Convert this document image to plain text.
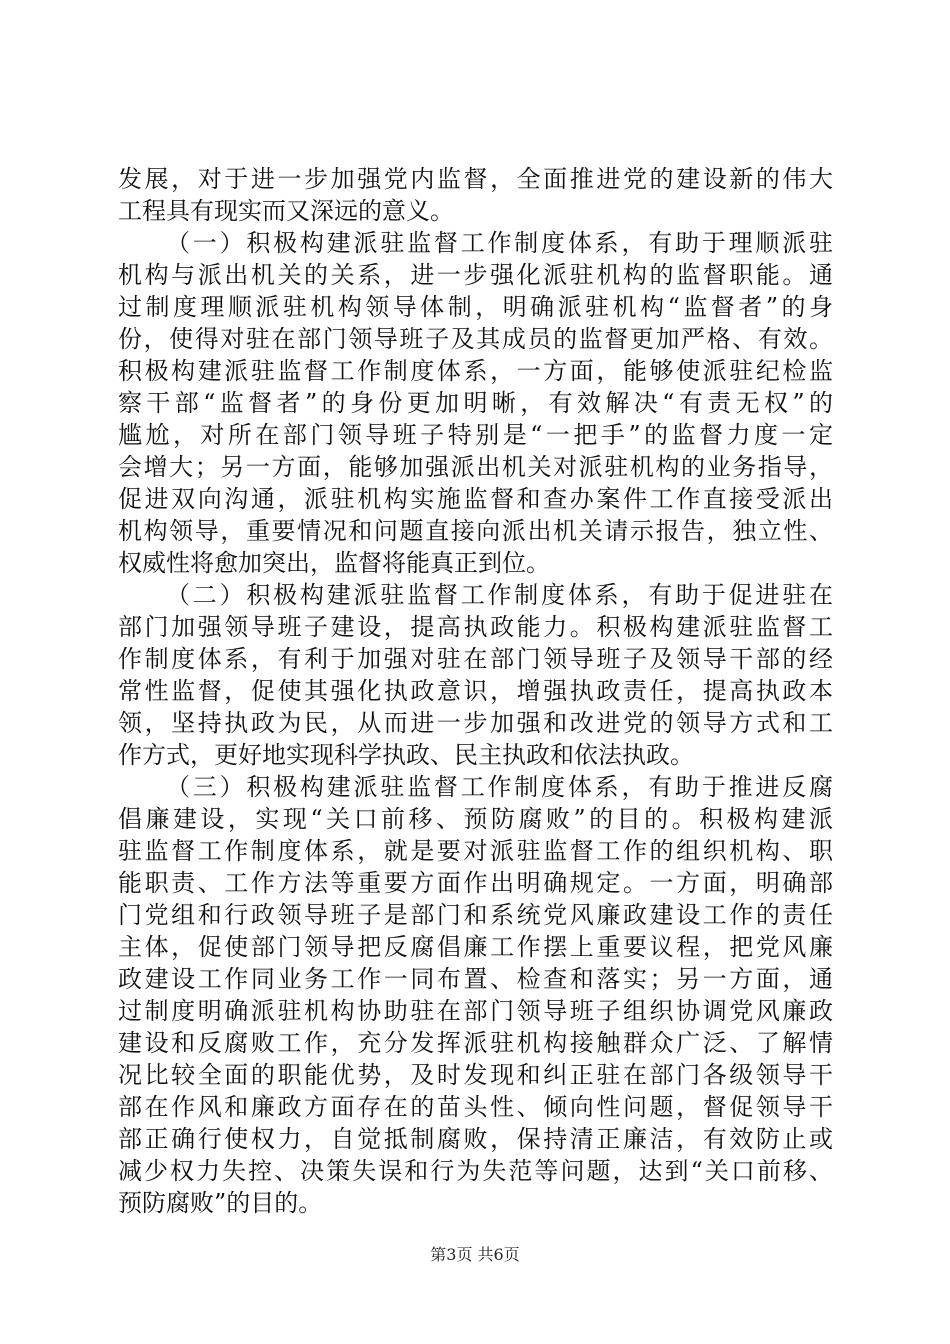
发展，对于进一步加强党内监督，全面推进党的建设新的伟大
工程具有现实而又深远的意义。
（一）积极构建派驻监督工作制度体系，有助于理顺派驻
机构与派出机关的关系，进一步强化派驻机构的监督职能。通
过制度理顺派驻机构领导体制，明确派驻机构“监督者”的身
份，使得对驻在部门领导班子及其成员的监督更加严格、有效。
积极构建派驻监督工作制度体系，一方面，能够使派驻纪检监
察干部“监督者”的身份更加明晰，有效解决“有责无权”的
尴尬，对所在部门领导班子特别是“一把手”的监督力度一定
会增大；另一方面，能够加强派出机关对派驻机构的业务指导，
促进双向沟通，派驻机构实施监督和查办案件工作直接受派出
机构领导，重要情况和问题直接向派出机关请示报告，独立性、
权威性将愈加突出，监督将能真正到位。
（二）积极构建派驻监督工作制度体系，有助于促进驻在
部门加强领导班子建设，提高执政能力。积极构建派驻监督工
作制度体系，有利于加强对驻在部门领导班子及领导干部的经
常性监督，促使其强化执政意识，增强执政责任，提高执政本
领，坚持执政为民，从而进一步加强和改进党的领导方式和工
作方式，更好地实现科学执政、民主执政和依法执政。
（三）积极构建派驻监督工作制度体系，有助于推进反腐
倡廉建设，实现“关口前移、预防腐败”的目的。积极构建派
驻监督工作制度体系，就是要对派驻监督工作的组织机构、职
能职责、工作方法等重要方面作出明确规定。一方面，明确部
门党组和行政领导班子是部门和系统党风廉政建设工作的责任
主体，促使部门领导把反腐倡廉工作摆上重要议程，把党风廉
政建设工作同业务工作一同布置、检查和落实；另一方面，通
过制度明确派驻机构协助驻在部门领导班子组织协调党风廉政
建设和反腐败工作，充分发挥派驻机构接触群众广泛、了解情
况比较全面的职能优势，及时发现和纠正驻在部门各级领导干
部在作风和廉政方面存在的苗头性、倾向性问题，督促领导干
部正确行使权力，自觉抵制腐败，保持清正廉洁，有效防止或
减少权力失控、决策失误和行为失范等问题，达到“关口前移、
预防腐败”的目的。
第3页 共6页
